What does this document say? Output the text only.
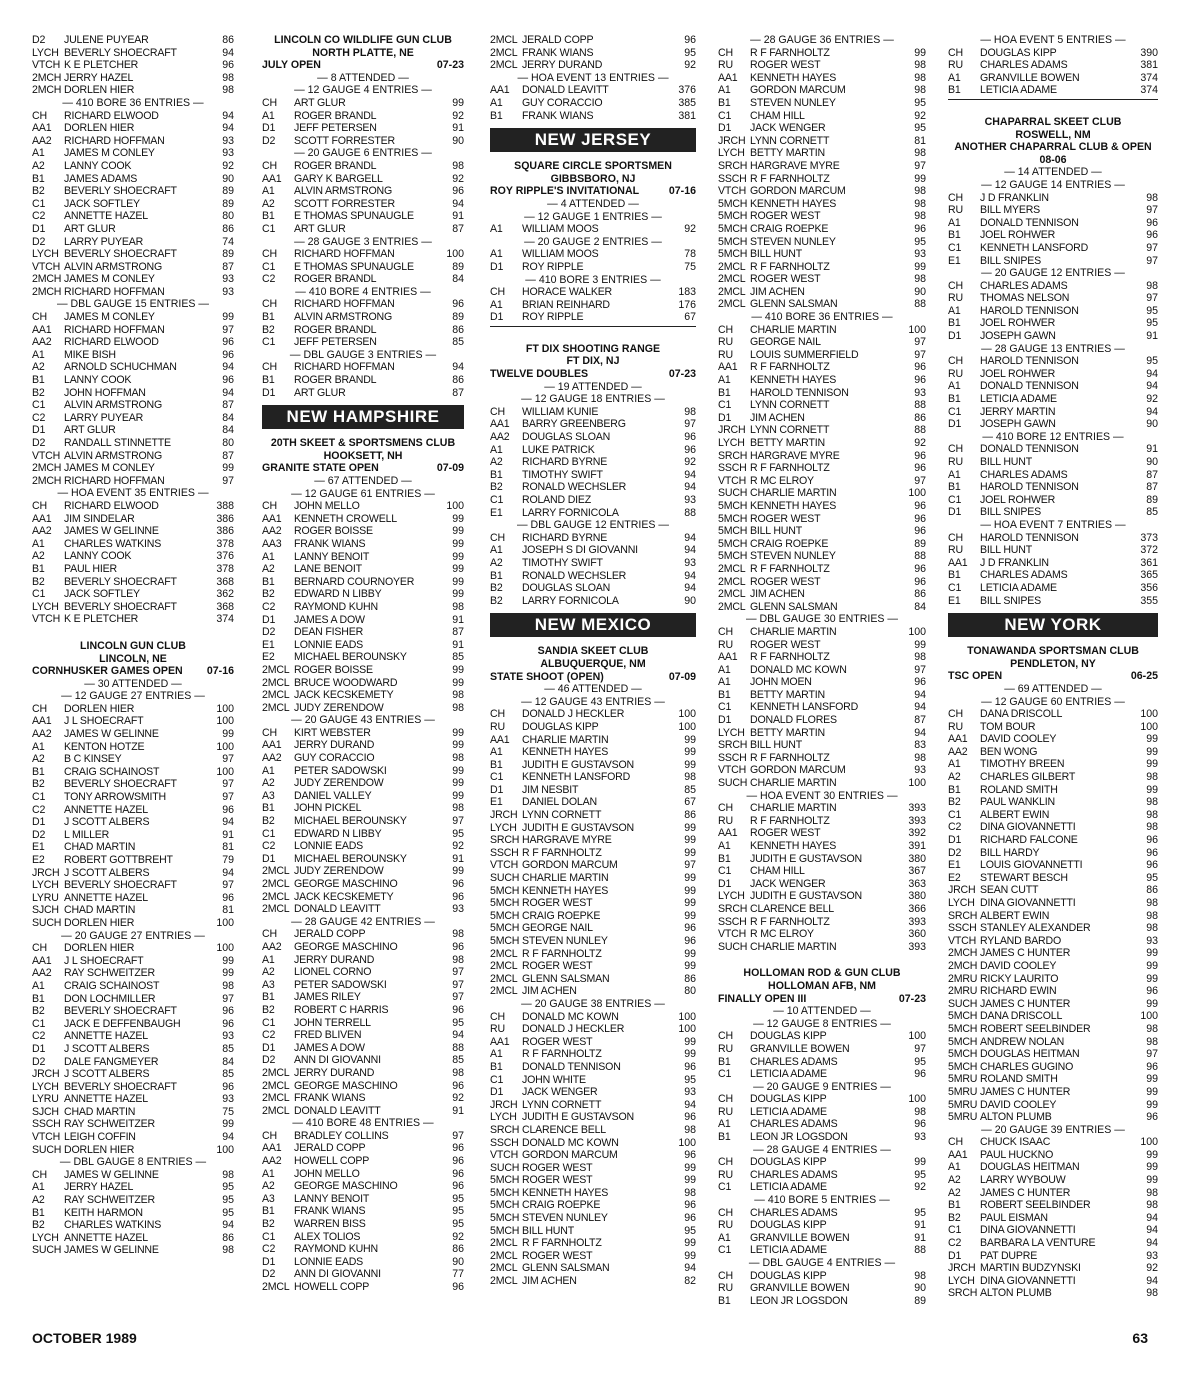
D2	JULENE PUYEAR	86
LYCH BEVERLY SHOECRAFT	94
VTCH K E PLETCHER	96
2MCH JERRY HAZEL	98
2MCH DORLEN HIER	98
— 410 BORE 36 ENTRIES —
CH	RICHARD ELWOOD	94
AA1	DORLEN HIER	94
AA2	RICHARD HOFFMAN	93
A1	JAMES M CONLEY	93
A2	LANNY COOK	92
B1	JAMES ADAMS	90
B2	BEVERLY SHOECRAFT	89
C1	JACK SOFTLEY	89
C2	ANNETTE HAZEL	80
D1	ART GLUR	86
D2	LARRY PUYEAR	74
LYCH BEVERLY SHOECRAFT	89
VTCH ALVIN ARMSTRONG	87
2MCH JAMES M CONLEY	93
2MCH RICHARD HOFFMAN	93
— DBL GAUGE 15 ENTRIES —
CH	JAMES M CONLEY	99
AA1	RICHARD HOFFMAN	97
AA2	RICHARD ELWOOD	96
A1	MIKE BISH	96
A2	ARNOLD SCHUCHMAN	94
B1	LANNY COOK	96
B2	JOHN HOFFMAN	94
C1	ALVIN ARMSTRONG	87
C2	LARRY PUYEAR	84
D1	ART GLUR	84
D2	RANDALL STINNETTE	80
VTCH ALVIN ARMSTRONG	87
2MCH JAMES M CONLEY	99
2MCH RICHARD HOFFMAN	97
— HOA EVENT 35 ENTRIES —
CH	RICHARD ELWOOD	388
AA1	JIM SINDELAR	386
AA2	JAMES W GELINNE	386
A1	CHARLES WATKINS	378
A2	LANNY COOK	376
B1	PAUL HIER	378
B2	BEVERLY SHOECRAFT	368
C1	JACK SOFTLEY	362
LYCH BEVERLY SHOECRAFT	368
VTCH K E PLETCHER	374
LINCOLN GUN CLUB
LINCOLN, NE
CORNHUSKER GAMES OPEN 07-16
— 30 ATTENDED —
— 12 GAUGE 27 ENTRIES —
CH	DORLEN HIER	100
AA1	J L SHOECRAFT	100
AA2	JAMES W GELINNE	99
A1	KENTON HOTZE	100
A2	B C KINSEY	97
B1	CRAIG SCHAINOST	100
B2	BEVERLY SHOECRAFT	97
C1	TONY ARROWSMITH	97
C2	ANNETTE HAZEL	96
D1	J SCOTT ALBERS	94
D2	L MILLER	91
E1	CHAD MARTIN	81
E2	ROBERT GOTTBREHT	79
JRCH J SCOTT ALBERS	94
LYCH BEVERLY SHOECRAFT	97
LYRU ANNETTE HAZEL	96
SJCH CHAD MARTIN	81
SUCH DORLEN HIER	100
— 20 GAUGE 27 ENTRIES —
CH	DORLEN HIER	100
AA1	J L SHOECRAFT	99
AA2	RAY SCHWEITZER	99
A1	CRAIG SCHAINOST	98
B1	DON LOCHMILLER	97
B2	BEVERLY SHOECRAFT	96
C1	JACK E DEFFENBAUGH	96
C2	ANNETTE HAZEL	93
D1	J SCOTT ALBERS	85
D2	DALE FANGMEYER	84
JRCH J SCOTT ALBERS	85
LYCH BEVERLY SHOECRAFT	96
LYRU ANNETTE HAZEL	93
SJCH CHAD MARTIN	75
SSCH RAY SCHWEITZER	99
VTCH LEIGH COFFIN	94
SUCH DORLEN HIER	100
— DBL GAUGE 8 ENTRIES —
CH	JAMES W GELINNE	98
A1	JERRY HAZEL	95
A2	RAY SCHWEITZER	95
B1	KEITH HARMON	95
B2	CHARLES WATKINS	94
LYCH ANNETTE HAZEL	86
SUCH JAMES W GELINNE	98
LINCOLN CO WILDLIFE GUN CLUB
NORTH PLATTE, NE
JULY OPEN	07-23
— 8 ATTENDED —
— 12 GAUGE 4 ENTRIES —
CH	ART GLUR	99
A1	ROGER BRANDL	92
D1	JEFF PETERSEN	91
D2	SCOTT FORRESTER	90
— 20 GAUGE 6 ENTRIES —
CH	ROGER BRANDL	98
AA1	GARY K BARGELL	92
A1	ALVIN ARMSTRONG	96
A2	SCOTT FORRESTER	94
B1	E THOMAS SPUNAUGLE	91
C1	ART GLUR	87
— 28 GAUGE 3 ENTRIES —
CH	RICHARD HOFFMAN	100
C1	E THOMAS SPUNAUGLE	89
C2	ROGER BRANDL	84
— 410 BORE 4 ENTRIES —
CH	RICHARD HOFFMAN	96
B1	ALVIN ARMSTRONG	89
B2	ROGER BRANDL	86
C1	JEFF PETERSEN	85
— DBL GAUGE 3 ENTRIES —
CH	RICHARD HOFFMAN	94
B1	ROGER BRANDL	86
D1	ART GLUR	87
NEW HAMPSHIRE
20TH SKEET & SPORTSMENS CLUB
HOOKSETT, NH
GRANITE STATE OPEN	07-09
— 67 ATTENDED —
— 12 GAUGE 61 ENTRIES —
CH	JOHN MELLO	100
AA1	KENNETH CROWELL	99
AA2	ROGER BOISSE	99
AA3	FRANK WIANS	99
A1	LANNY BENOIT	99
A2	LANE BENOIT	99
B1	BERNARD COURNOYER	99
B2	EDWARD N LIBBY	99
C2	RAYMOND KUHN	98
D1	JAMES A DOW	91
D2	DEAN FISHER	87
E1	LONNIE EADS	91
E2	MICHAEL BEROUNSKY	85
2MCL ROGER BOISSE	99
2MCL BRUCE WOODWARD	99
2MCL JACK KECSKEMETY	98
2MCL JUDY ZERENDOW	98
— 20 GAUGE 43 ENTRIES —
CH	KIRT WEBSTER	99
AA1	JERRY DURAND	99
AA2	GUY CORACCIO	98
A1	PETER SADOWSKI	99
A2	JUDY ZERENDOW	99
A3	DANIEL VALLEY	99
B1	JOHN PICKEL	98
B2	MICHAEL BEROUNSKY	97
C1	EDWARD N LIBBY	95
C2	LONNIE EADS	92
D1	MICHAEL BEROUNSKY	91
2MCL JUDY ZERENDOW	99
2MCL GEORGE MASCHINO	96
2MCL JACK KECSKEMETY	96
2MCL DONALD LEAVITT	93
— 28 GAUGE 42 ENTRIES —
CH	JERALD COPP	98
AA2	GEORGE MASCHINO	96
A1	JERRY DURAND	98
A2	LIONEL CORNO	97
A3	PETER SADOWSKI	97
B1	JAMES RILEY	97
B2	ROBERT C HARRIS	96
C1	JOHN TERRELL	95
C2	FRED BLIVEN	94
D1	JAMES A DOW	88
D2	ANN DI GIOVANNI	85
2MCL JERRY DURAND	98
2MCL GEORGE MASCHINO	96
2MCL FRANK WIANS	92
2MCL DONALD LEAVITT	91
— 410 BORE 48 ENTRIES —
CH	BRADLEY COLLINS	97
AA1	JERALD COPP	96
AA2	HOWELL COPP	96
A1	JOHN MELLO	96
A2	GEORGE MASCHINO	96
A3	LANNY BENOIT	95
B1	FRANK WIANS	95
B2	WARREN BISS	95
C1	ALEX TOLIOS	92
C2	RAYMOND KUHN	86
D1	LONNIE EADS	90
D2	ANN DI GIOVANNI	77
2MCL HOWELL COPP	96
2MCL JERALD COPP	96
2MCL FRANK WIANS	95
2MCL JERRY DURAND	92
— HOA EVENT 13 ENTRIES —
AA1	DONALD LEAVITT	376
A1	GUY CORACCIO	385
B1	FRANK WIANS	381
NEW JERSEY
SQUARE CIRCLE SPORTSMEN
GIBBSBORO, NJ
ROY RIPPLE'S INVITATIONAL	07-16
— 4 ATTENDED —
— 12 GAUGE 1 ENTRIES —
A1	WILLIAM MOOS	92
— 20 GAUGE 2 ENTRIES —
A1	WILLIAM MOOS	78
D1	ROY RIPPLE	75
— 410 BORE 3 ENTRIES —
CH	HORACE WALKER	183
A1	BRIAN REINHARD	176
D1	ROY RIPPLE	67
FT DIX SHOOTING RANGE
FT DIX, NJ
TWELVE DOUBLES	07-23
— 19 ATTENDED —
— 12 GAUGE 18 ENTRIES —
CH	WILLIAM KUNIE	98
AA1	BARRY GREENBERG	97
AA2	DOUGLAS SLOAN	96
A1	LUKE PATRICK	96
A2	RICHARD BYRNE	92
B1	TIMOTHY SWIFT	94
B2	RONALD WECHSLER	94
C1	ROLAND DIEZ	93
E1	LARRY FORNICOLA	88
— DBL GAUGE 12 ENTRIES —
CH	RICHARD BYRNE	94
A1	JOSEPH S DI GIOVANNI	94
A2	TIMOTHY SWIFT	93
B1	RONALD WECHSLER	94
B2	DOUGLAS SLOAN	94
B2	LARRY FORNICOLA	90
NEW MEXICO
SANDIA SKEET CLUB
ALBUQUERQUE, NM
STATE SHOOT (OPEN)	07-09
— 46 ATTENDED —
— 12 GAUGE 43 ENTRIES —
CH	DONALD J HECKLER	100
RU	DOUGLAS KIPP	100
AA1	CHARLIE MARTIN	99
A1	KENNETH HAYES	99
B1	JUDITH E GUSTAVSON	99
C1	KENNETH LANSFORD	98
D1	JIM NESBIT	85
E1	DANIEL DOLAN	67
JRCH LYNN CORNETT	86
LYCH JUDITH E GUSTAVSON	99
SRCH HARGRAVE MYRE	99
SSCH R F FARNHOLTZ	99
VTCH GORDON MARCUM	97
SUCH CHARLIE MARTIN	99
5MCH KENNETH HAYES	99
5MCH ROGER WEST	99
5MCH CRAIG ROEPKE	99
5MCH GEORGE NAIL	96
5MCH STEVEN NUNLEY	96
2MCL R F FARNHOLTZ	99
2MCL ROGER WEST	99
2MCL GLENN SALSMAN	86
2MCL JIM ACHEN	80
— 20 GAUGE 38 ENTRIES —
CH	DONALD MC KOWN	100
RU	DONALD J HECKLER	100
AA1	ROGER WEST	99
A1	R F FARNHOLTZ	99
B1	DONALD TENNISON	96
C1	JOHN WHITE	95
D1	JACK WENGER	93
JRCH LYNN CORNETT	94
LYCH JUDITH E GUSTAVSON	96
SRCH CLARENCE BELL	98
SSCH DONALD MC KOWN	100
VTCH GORDON MARCUM	96
SUCH ROGER WEST	99
5MCH ROGER WEST	99
5MCH KENNETH HAYES	98
5MCH CRAIG ROEPKE	96
5MCH STEVEN NUNLEY	96
5MCH BILL HUNT	95
2MCL R F FARNHOLTZ	99
2MCL ROGER WEST	99
2MCL GLENN SALSMAN	94
2MCL JIM ACHEN	82
— 28 GAUGE 36 ENTRIES —
CH	R F FARNHOLTZ	99
RU	ROGER WEST	98
AA1	KENNETH HAYES	98
A1	GORDON MARCUM	98
B1	STEVEN NUNLEY	95
C1	CHAM HILL	92
D1	JACK WENGER	95
JRCH LYNN CORNETT	81
LYCH BETTY MARTIN	98
SRCH HARGRAVE MYRE	97
SSCH R F FARNHOLTZ	99
VTCH GORDON MARCUM	98
5MCH KENNETH HAYES	98
5MCH ROGER WEST	98
5MCH CRAIG ROEPKE	96
5MCH STEVEN NUNLEY	95
5MCH BILL HUNT	93
2MCL R F FARNHOLTZ	99
2MCL ROGER WEST	98
2MCL JIM ACHEN	90
2MCL GLENN SALSMAN	88
— 410 BORE 36 ENTRIES —
CH	CHARLIE MARTIN	100
RU	GEORGE NAIL	97
RU	LOUIS SUMMERFIELD	97
AA1	R F FARNHOLTZ	96
A1	KENNETH HAYES	96
B1	HAROLD TENNISON	93
C1	LYNN CORNETT	88
D1	JIM ACHEN	86
JRCH LYNN CORNETT	88
LYCH BETTY MARTIN	92
SRCH HARGRAVE MYRE	96
SSCH R F FARNHOLTZ	96
VTCH R MC ELROY	97
SUCH CHARLIE MARTIN	100
5MCH KENNETH HAYES	96
5MCH ROGER WEST	96
5MCH BILL HUNT	96
5MCH CRAIG ROEPKE	89
5MCH STEVEN NUNLEY	88
2MCL R F FARNHOLTZ	96
2MCL ROGER WEST	96
2MCL JIM ACHEN	86
2MCL GLENN SALSMAN	84
— DBL GAUGE 30 ENTRIES —
CH	CHARLIE MARTIN	100
RU	ROGER WEST	99
AA1	R F FARNHOLTZ	98
A1	DONALD MC KOWN	97
A1	JOHN MOEN	96
B1	BETTY MARTIN	94
C1	KENNETH LANSFORD	94
D1	DONALD FLORES	87
LYCH BETTY MARTIN	94
SRCH BILL HUNT	83
SSCH R F FARNHOLTZ	98
VTCH GORDON MARCUM	93
SUCH CHARLIE MARTIN	100
— HOA EVENT 30 ENTRIES —
CH	CHARLIE MARTIN	393
RU	R F FARNHOLTZ	393
AA1	ROGER WEST	392
A1	KENNETH HAYES	391
B1	JUDITH E GUSTAVSON	380
C1	CHAM HILL	367
D1	JACK WENGER	363
LYCH JUDITH E GUSTAVSON	380
SRCH CLARENCE BELL	366
SSCH R F FARNHOLTZ	393
VTCH R MC ELROY	360
SUCH CHARLIE MARTIN	393
HOLLOMAN ROD & GUN CLUB
HOLLOMAN AFB, NM
FINALLY OPEN III	07-23
— 10 ATTENDED —
— 12 GAUGE 8 ENTRIES —
CH	DOUGLAS KIPP	100
RU	GRANVILLE BOWEN	97
B1	CHARLES ADAMS	95
C1	LETICIA ADAME	96
— 20 GAUGE 9 ENTRIES —
CH	DOUGLAS KIPP	100
RU	LETICIA ADAME	98
A1	CHARLES ADAMS	96
B1	LEON JR LOGSDON	93
— 28 GAUGE 4 ENTRIES —
CH	DOUGLAS KIPP	99
RU	CHARLES ADAMS	95
C1	LETICIA ADAME	92
— 410 BORE 5 ENTRIES —
CH	CHARLES ADAMS	95
RU	DOUGLAS KIPP	91
A1	GRANVILLE BOWEN	91
C1	LETICIA ADAME	88
— DBL GAUGE 4 ENTRIES —
CH	DOUGLAS KIPP	98
RU	GRANVILLE BOWEN	90
B1	LEON JR LOGSDON	89
— HOA EVENT 5 ENTRIES —
CH	DOUGLAS KIPP	390
RU	CHARLES ADAMS	381
A1	GRANVILLE BOWEN	374
B1	LETICIA ADAME	374
CHAPARRAL SKEET CLUB
ROSWELL, NM
ANOTHER CHAPARRAL CLUB & OPEN
08-06
— 14 ATTENDED —
— 12 GAUGE 14 ENTRIES —
CH	J D FRANKLIN	98
RU	BILL MYERS	97
A1	DONALD TENNISON	96
B1	JOEL ROHWER	96
C1	KENNETH LANSFORD	97
E1	BILL SNIPES	97
— 20 GAUGE 12 ENTRIES —
CH	CHARLES ADAMS	98
RU	THOMAS NELSON	97
A1	HAROLD TENNISON	95
B1	JOEL ROHWER	95
D1	JOSEPH GAWN	91
— 28 GAUGE 13 ENTRIES —
CH	HAROLD TENNISON	95
RU	JOEL ROHWER	94
A1	DONALD TENNISON	94
B1	LETICIA ADAME	92
C1	JERRY MARTIN	94
D1	JOSEPH GAWN	90
— 410 BORE 12 ENTRIES —
CH	DONALD TENNISON	91
RU	BILL HUNT	90
A1	CHARLES ADAMS	87
B1	HAROLD TENNISON	87
C1	JOEL ROHWER	89
D1	BILL SNIPES	85
— HOA EVENT 7 ENTRIES —
CH	HAROLD TENNISON	373
RU	BILL HUNT	372
AA1	J D FRANKLIN	361
B1	CHARLES ADAMS	365
C1	LETICIA ADAME	356
E1	BILL SNIPES	355
NEW YORK
TONAWANDA SPORTSMAN CLUB
PENDLETON, NY
TSC OPEN	06-25
— 69 ATTENDED —
— 12 GAUGE 60 ENTRIES —
CH	DANA DRISCOLL	100
RU	TOM BOUR	100
AA1	DAVID COOLEY	99
AA2	BEN WONG	99
A1	TIMOTHY BREEN	99
A2	CHARLES GILBERT	98
B1	ROLAND SMITH	99
B2	PAUL WANKLIN	98
C1	ALBERT EWIN	98
C2	DINA GIOVANNETTI	98
D1	RICHARD FALCONE	96
D2	BILL HARDY	96
E1	LOUIS GIOVANNETTI	96
E2	STEWART BESCH	95
JRCH SEAN CUTT	86
LYCH DINA GIOVANNETTI	98
SRCH ALBERT EWIN	98
SSCH STANLEY ALEXANDER	98
VTCH RYLAND BARDO	93
2MCH JAMES C HUNTER	99
2MCH DAVID COOLEY	99
2MRU RICKY LAURITO	99
2MRU RICHARD EWIN	96
SUCH JAMES C HUNTER	99
5MCH DANA DRISCOLL	100
5MCH ROBERT SEELBINDER	98
5MCH ANDREW NOLAN	98
5MCH DOUGLAS HEITMAN	97
5MCH CHARLES GUGINO	96
5MRU ROLAND SMITH	99
5MRU JAMES C HUNTER	99
5MRU DAVID COOLEY	99
5MRU ALTON PLUMB	96
— 20 GAUGE 39 ENTRIES —
CH	CHUCK ISAAC	100
AA1	PAUL HUCKNO	99
A1	DOUGLAS HEITMAN	99
A2	LARRY WYBOUW	99
A2	JAMES C HUNTER	98
B1	ROBERT SEELBINDER	98
B2	PAUL EISMAN	94
C1	DINA GIOVANNETTI	94
C2	BARBARA LA VENTURE	94
D1	PAT DUPRE	93
JRCH MARTIN BUDZYNSKI	92
LYCH DINA GIOVANNETTI	94
SRCH ALTON PLUMB	98
OCTOBER 1989	63
